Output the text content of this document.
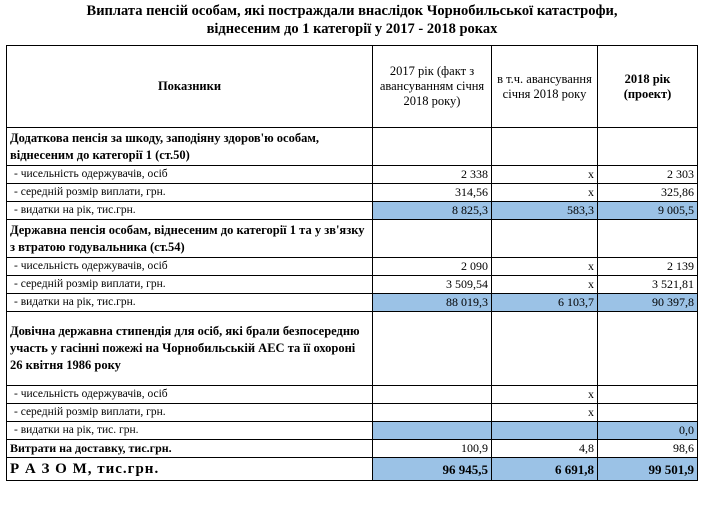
Виплата пенсій особам, які постраждали внаслідок Чорнобильської катастрофи,
віднесеним до 1 категорії у 2017 - 2018 роках
Показники	2017 рік (факт з авансуванням січня 2018 року)	в т.ч. авансування січня 2018 року	2018 рік (проект)
Додаткова пенсія за шкоду, заподіяну здоров'ю особам, віднесеним до категорії 1 (ст.50)			
- чисельність одержувачів, осіб	2 338	х	2 303
- середній розмір виплати, грн.	314,56	х	325,86
- видатки на рік, тис.грн.	8 825,3	583,3	9 005,5
Державна пенсія особам, віднесеним до категорії 1 та у зв'язку з втратою годувальника (ст.54)			
- чисельність одержувачів, осіб	2 090	х	2 139
- середній розмір виплати, грн.	3 509,54	х	3 521,81
- видатки на рік, тис.грн.	88 019,3	6 103,7	90 397,8
Довічна державна стипендія для осіб, які брали безпосередню участь у гасінні пожежі на Чорнобильській АЕС та її охороні 26 квітня 1986 року			
- чисельність одержувачів, осіб		х	
- середній розмір виплати, грн.		х	
- видатки на рік, тис. грн.			0,0
Витрати на доставку, тис.грн.	100,9	4,8	98,6
Р А З О М, тис.грн.	96 945,5	6 691,8	99 501,9
